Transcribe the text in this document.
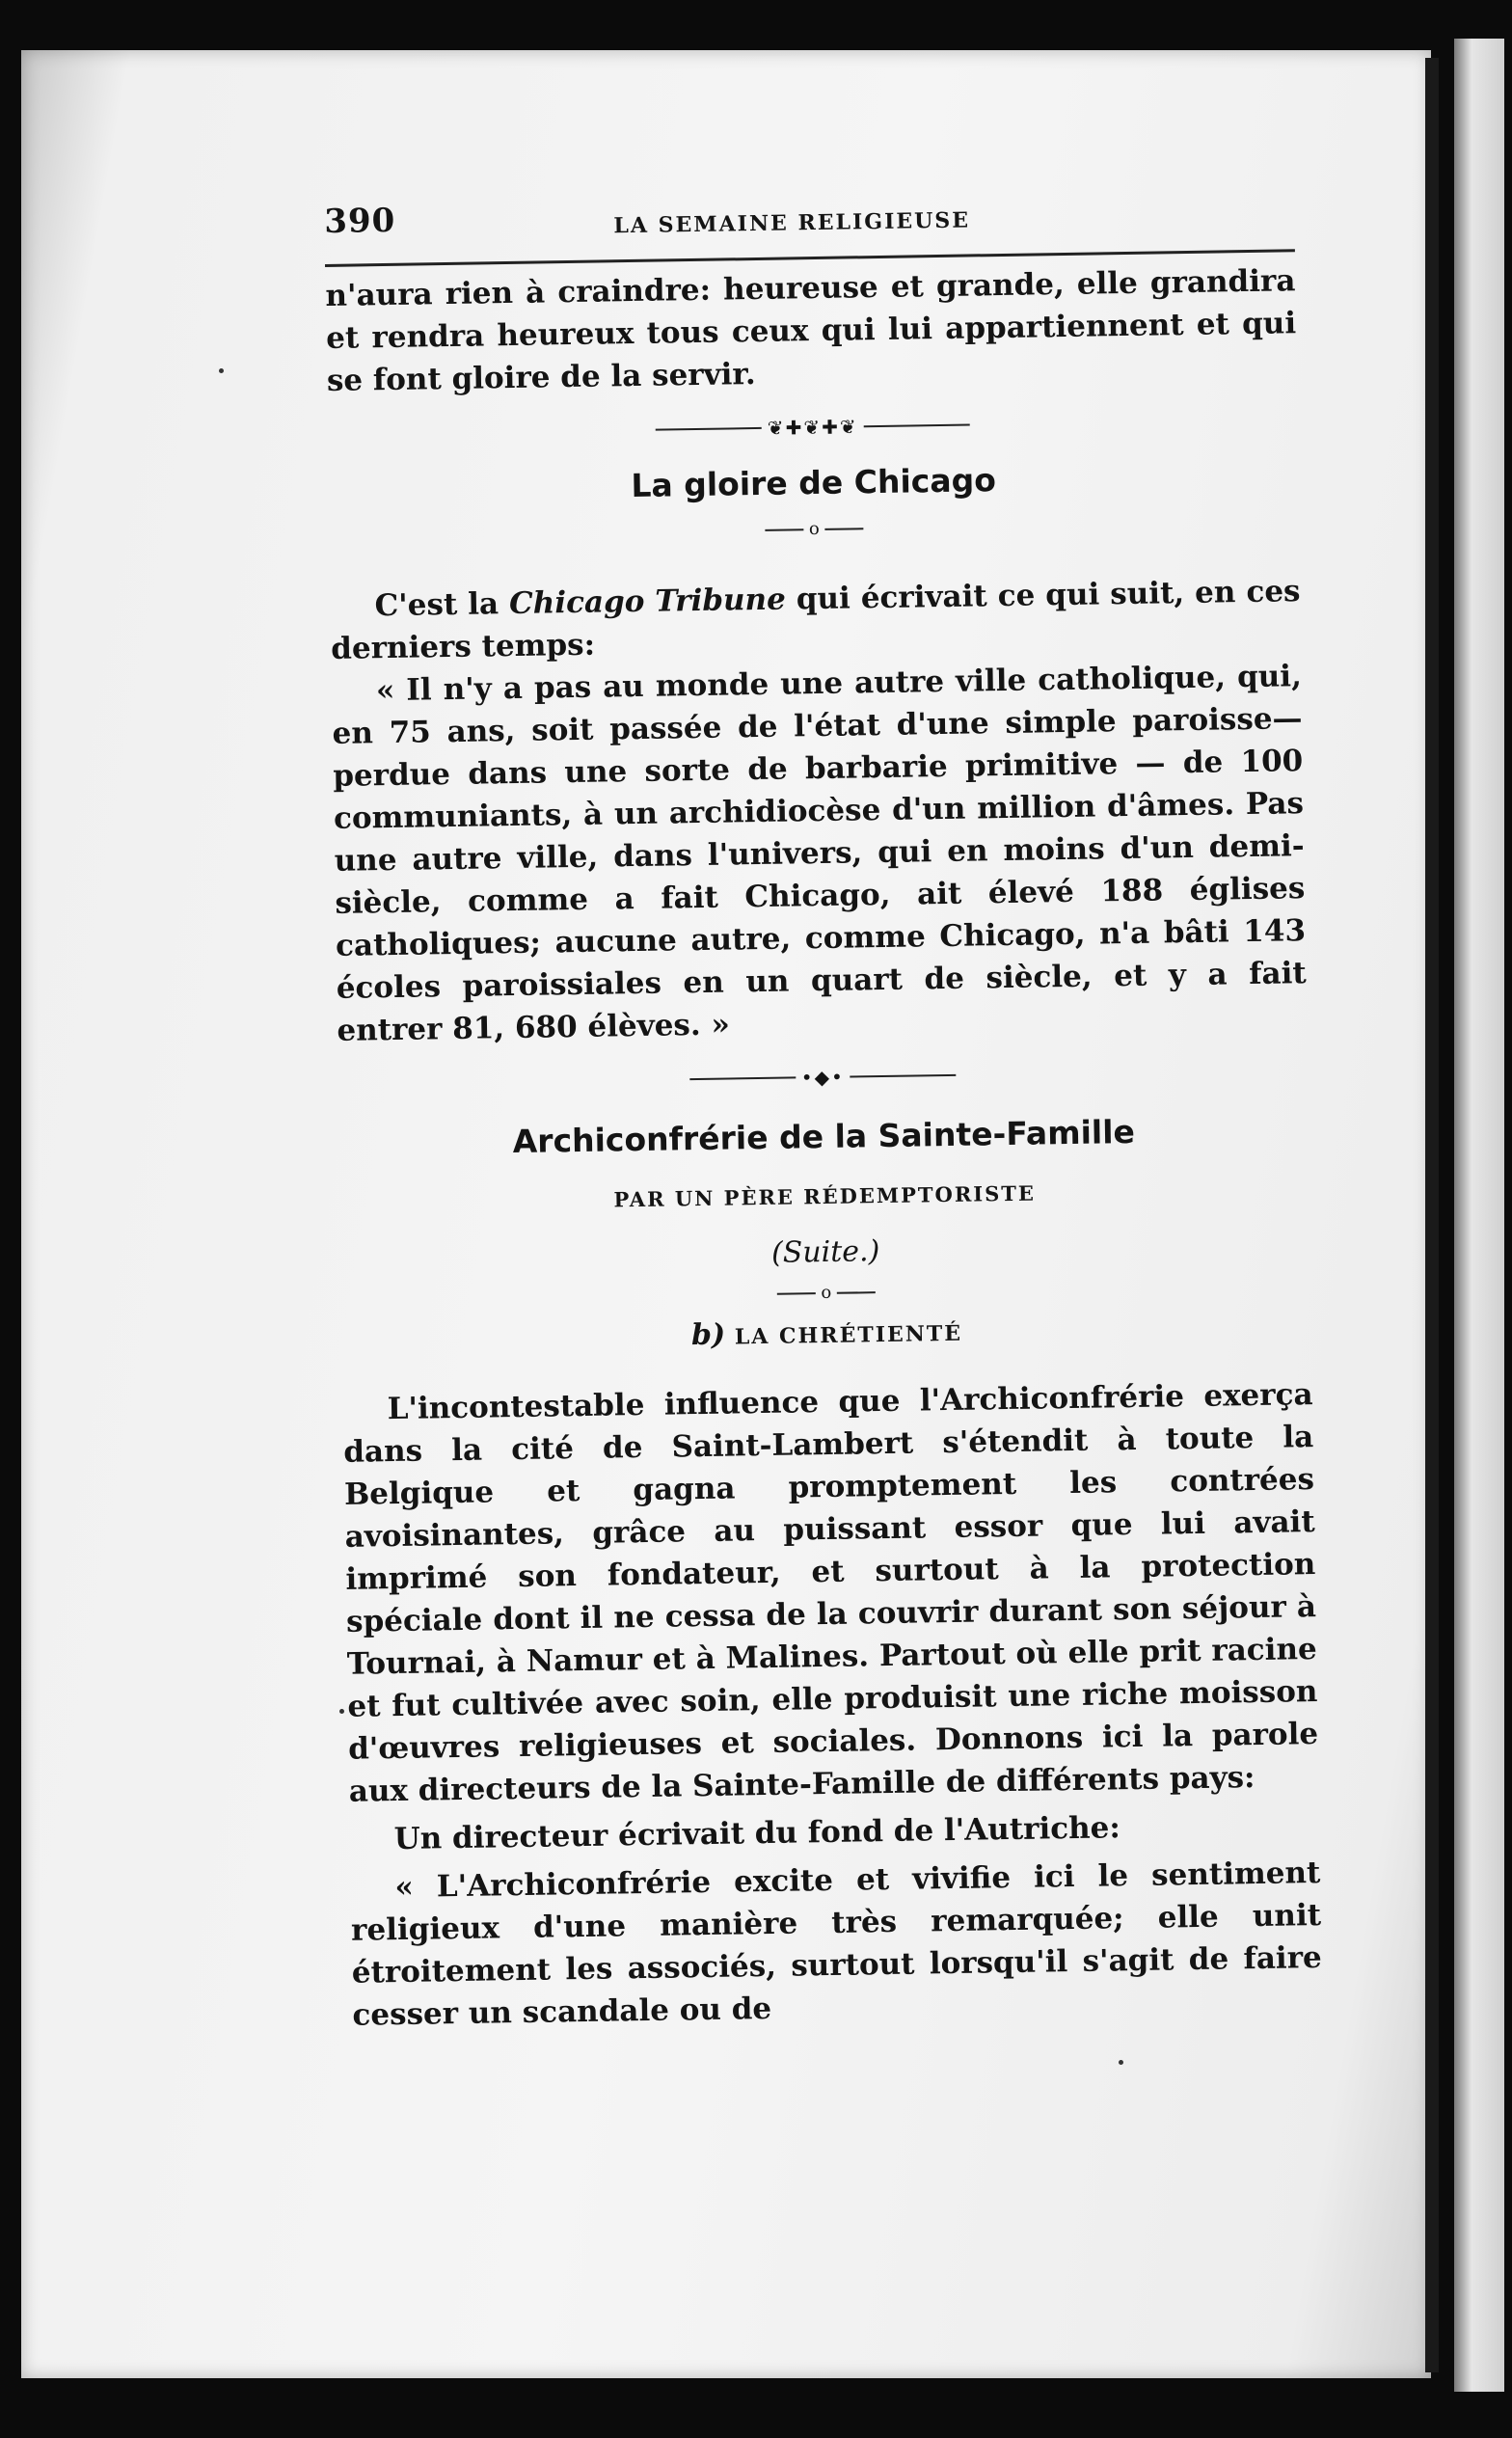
390	LA SEMAINE RELIGIEUSE

n'aura rien à craindre: heureuse et grande, elle grandira et rendra heureux tous ceux qui lui appartiennent et qui se font gloire de la servir.

❦✚❦✚❦
La gloire de Chicago
o

C'est la Chicago Tribune qui écrivait ce qui suit, en ces derniers temps:

« Il n'y a pas au monde une autre ville catholique, qui, en 75 ans, soit passée de l'état d'une simple paroisse—perdue dans une sorte de barbarie primitive — de 100 communiants, à un archidiocèse d'un million d'âmes. Pas une autre ville, dans l'univers, qui en moins d'un demi-siècle, comme a fait Chicago, ait élevé 188 églises catholiques; aucune autre, comme Chicago, n'a bâti 143 écoles paroissiales en un quart de siècle, et y a fait entrer 81, 680 élèves. »

•◆•
Archiconfrérie de la Sainte-Famille
PAR UN PÈRE RÉDEMPTORISTE
(Suite.)
o
b) LA CHRÉTIENTÉ

L'incontestable influence que l'Archiconfrérie exerça dans la cité de Saint-Lambert s'étendit à toute la Belgique et gagna promptement les contrées avoisinantes, grâce au puissant essor que lui avait imprimé son fondateur, et surtout à la protection spéciale dont il ne cessa de la couvrir durant son séjour à Tournai, à Namur et à Malines. Partout où elle prit racine et fut cultivée avec soin, elle produisit une riche moisson d'œuvres religieuses et sociales. Donnons ici la parole aux directeurs de la Sainte-Famille de différents pays:

Un directeur écrivait du fond de l'Autriche:

« L'Archiconfrérie excite et vivifie ici le sentiment religieux d'une manière très remarquée; elle unit étroitement les associés, surtout lorsqu'il s'agit de faire cesser un scandale ou de
